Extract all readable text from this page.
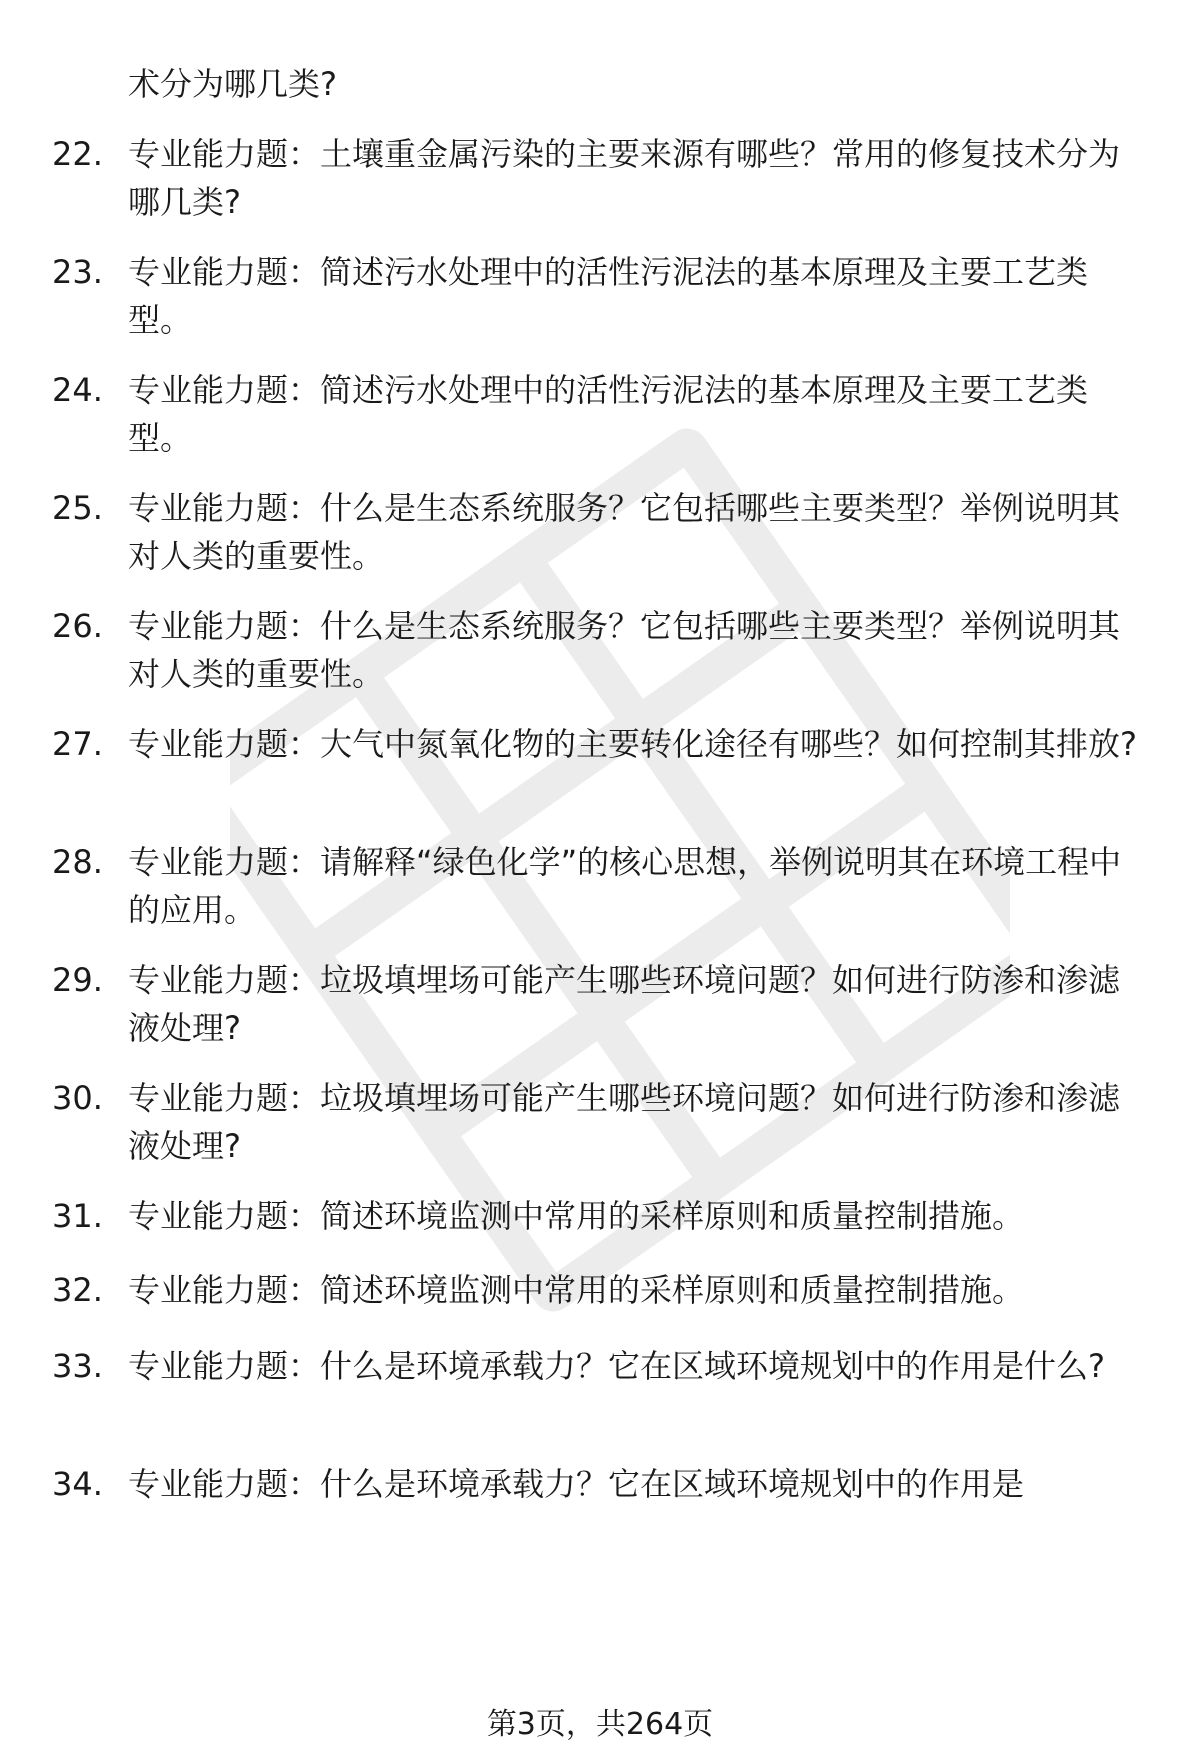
术分为哪几类?

22. 专业能力题：土壤重金属污染的主要来源有哪些？常用的修复技术分为哪几类?
23. 专业能力题：简述污水处理中的活性污泥法的基本原理及主要工艺类型。
24. 专业能力题：简述污水处理中的活性污泥法的基本原理及主要工艺类型。
25. 专业能力题：什么是生态系统服务？它包括哪些主要类型？举例说明其对人类的重要性。
26. 专业能力题：什么是生态系统服务？它包括哪些主要类型？举例说明其对人类的重要性。
27. 专业能力题：大气中氮氧化物的主要转化途径有哪些？如何控制其排放?
28. 专业能力题：请解释“绿色化学”的核心思想，举例说明其在环境工程中的应用。
29. 专业能力题：垃圾填埋场可能产生哪些环境问题？如何进行防渗和渗滤液处理?
30. 专业能力题：垃圾填埋场可能产生哪些环境问题？如何进行防渗和渗滤液处理?
31. 专业能力题：简述环境监测中常用的采样原则和质量控制措施。
32. 专业能力题：简述环境监测中常用的采样原则和质量控制措施。
33. 专业能力题：什么是环境承载力？它在区域环境规划中的作用是什么?
34. 专业能力题：什么是环境承载力？它在区域环境规划中的作用是
第3页，共264页
